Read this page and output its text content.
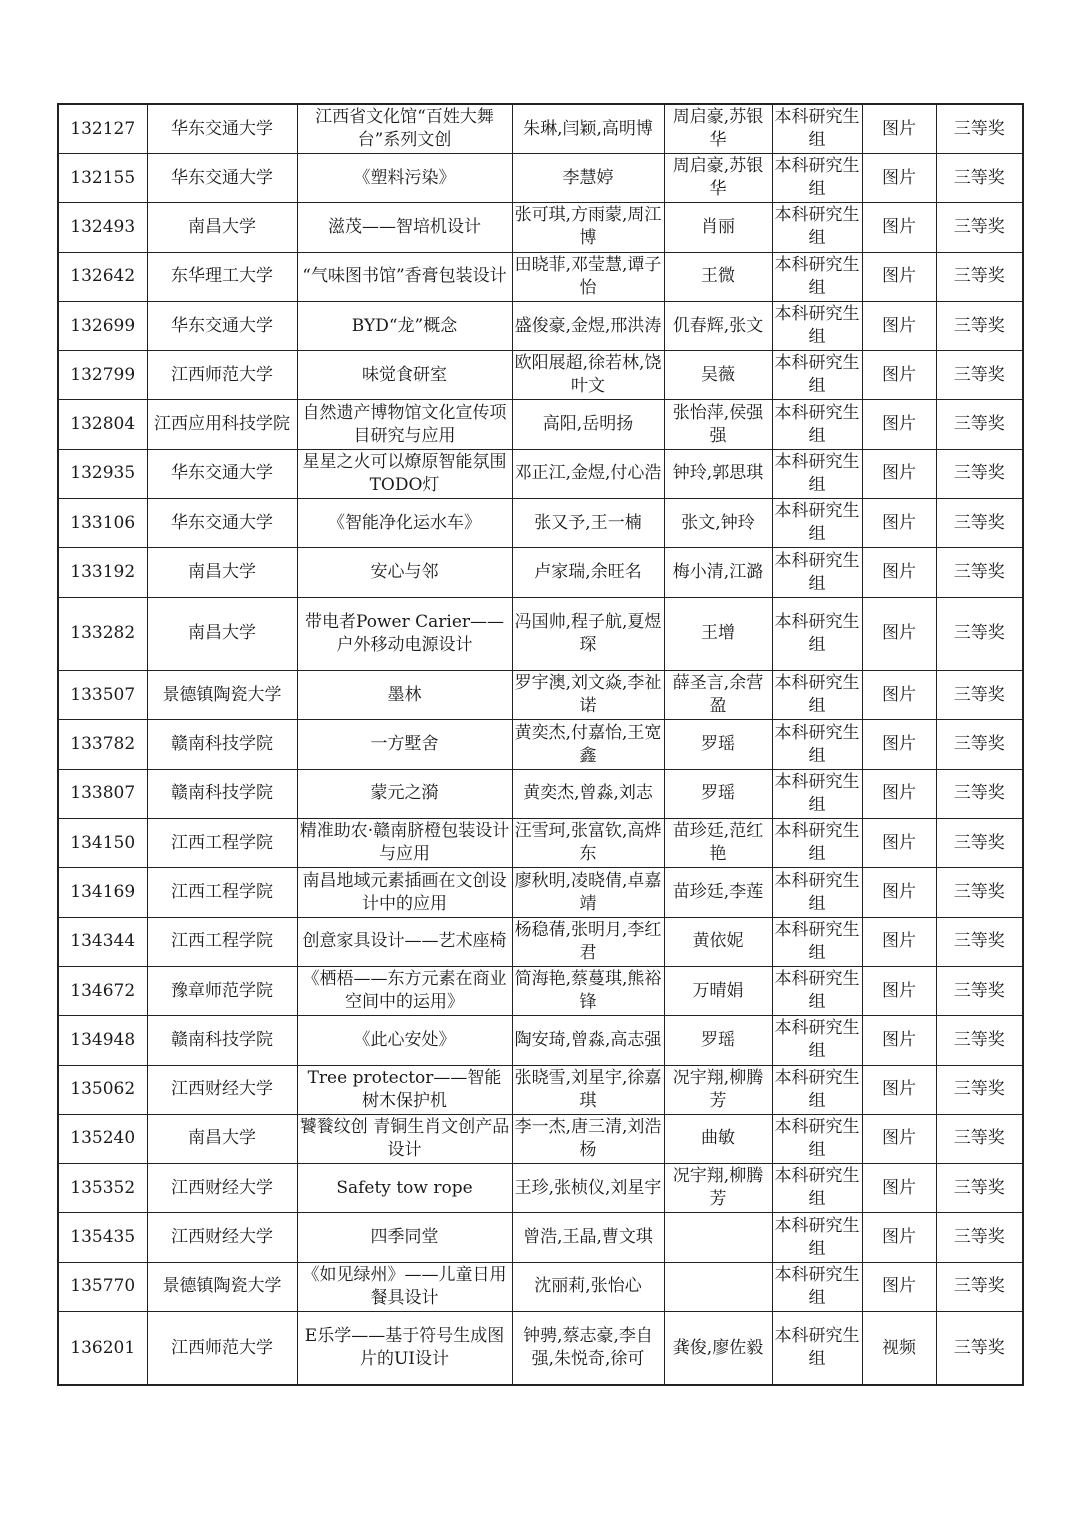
132127	华东交通大学	江西省文化馆“百姓大舞台”系列文创	朱琳,闫颖,高明博	周启豪,苏银华	本科研究生组	图片	三等奖
132155	华东交通大学	《塑料污染》	李慧婷	周启豪,苏银华	本科研究生组	图片	三等奖
132493	南昌大学	滋茂——智培机设计	张可琪,方雨蒙,周江博	肖丽	本科研究生组	图片	三等奖
132642	东华理工大学	“气味图书馆”香膏包装设计	田晓菲,邓莹慧,谭子怡	王微	本科研究生组	图片	三等奖
132699	华东交通大学	BYD“龙”概念	盛俊豪,金煜,邢洪涛	仉春辉,张文	本科研究生组	图片	三等奖
132799	江西师范大学	味觉食研室	欧阳展超,徐若林,饶叶文	吴薇	本科研究生组	图片	三等奖
132804	江西应用科技学院	自然遗产博物馆文化宣传项目研究与应用	高阳,岳明扬	张怡萍,侯强强	本科研究生组	图片	三等奖
132935	华东交通大学	星星之火可以燎原智能氛围TODO灯	邓正江,金煜,付心浩	钟玲,郭思琪	本科研究生组	图片	三等奖
133106	华东交通大学	《智能净化运水车》	张又予,王一楠	张文,钟玲	本科研究生组	图片	三等奖
133192	南昌大学	安心与邻	卢家瑞,余旺名	梅小清,江潞	本科研究生组	图片	三等奖
133282	南昌大学	带电者Power Carier——户外移动电源设计	冯国帅,程子航,夏煜琛	王增	本科研究生组	图片	三等奖
133507	景德镇陶瓷大学	墨林	罗宇澳,刘文焱,李祉诺	薛圣言,余营盈	本科研究生组	图片	三等奖
133782	赣南科技学院	一方墅舍	黄奕杰,付嘉怡,王宽鑫	罗瑶	本科研究生组	图片	三等奖
133807	赣南科技学院	蒙元之漪	黄奕杰,曾淼,刘志	罗瑶	本科研究生组	图片	三等奖
134150	江西工程学院	精准助农·赣南脐橙包装设计与应用	汪雪珂,张富钦,高烨东	苗珍廷,范红艳	本科研究生组	图片	三等奖
134169	江西工程学院	南昌地域元素插画在文创设计中的应用	廖秋明,凌晓倩,卓嘉靖	苗珍廷,李莲	本科研究生组	图片	三等奖
134344	江西工程学院	创意家具设计——艺术座椅	杨稳蒨,张明月,李红君	黄依妮	本科研究生组	图片	三等奖
134672	豫章师范学院	《栖梧——东方元素在商业空间中的运用》	简海艳,蔡蔓琪,熊裕锋	万晴娟	本科研究生组	图片	三等奖
134948	赣南科技学院	《此心安处》	陶安琦,曾淼,高志强	罗瑶	本科研究生组	图片	三等奖
135062	江西财经大学	Tree protector——智能树木保护机	张晓雪,刘星宇,徐嘉琪	况宇翔,柳腾芳	本科研究生组	图片	三等奖
135240	南昌大学	饕餮纹创 青铜生肖文创产品设计	李一杰,唐三清,刘浩杨	曲敏	本科研究生组	图片	三等奖
135352	江西财经大学	Safety tow rope	王珍,张桢仪,刘星宇	况宇翔,柳腾芳	本科研究生组	图片	三等奖
135435	江西财经大学	四季同堂	曾浩,王晶,曹文琪		本科研究生组	图片	三等奖
135770	景德镇陶瓷大学	《如见绿州》——儿童日用餐具设计	沈丽莉,张怡心		本科研究生组	图片	三等奖
136201	江西师范大学	E乐学——基于符号生成图片的UI设计	钟骋,蔡志豪,李自强,朱悦奇,徐可	龚俊,廖佐毅	本科研究生组	视频	三等奖
